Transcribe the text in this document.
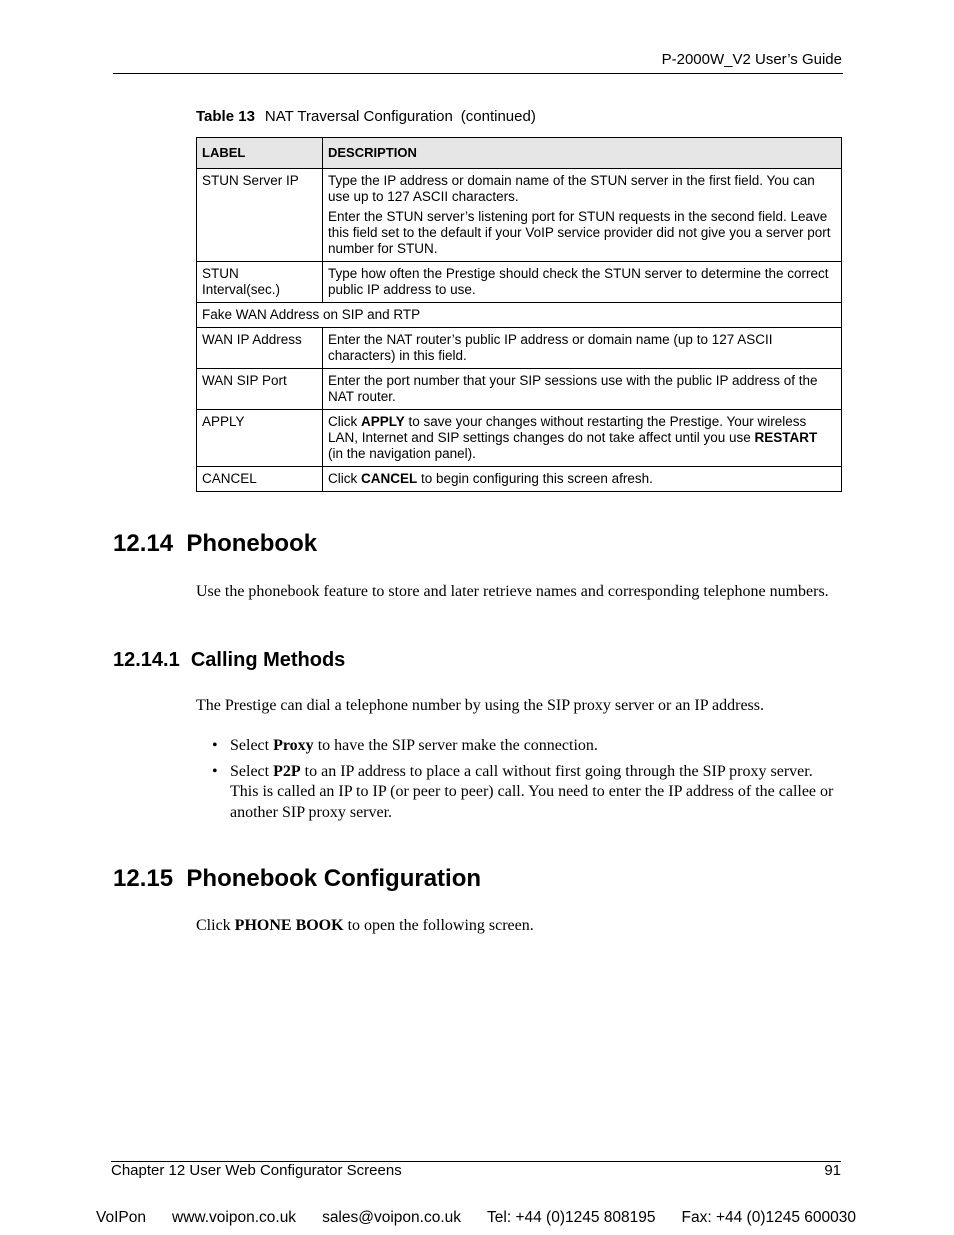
P-2000W_V2 User’s Guide
Table 13 NAT Traversal Configuration (continued)
LABEL	DESCRIPTION
STUN Server IP	Type the IP address or domain name of the STUN server in the first field. You can use up to 127 ASCII characters.

Enter the STUN server’s listening port for STUN requests in the second field. Leave this field set to the default if your VoIP service provider did not give you a server port number for STUN.

STUN Interval(sec.)	Type how often the Prestige should check the STUN server to determine the correct public IP address to use.
Fake WAN Address on SIP and RTP	
WAN IP Address	Enter the NAT router’s public IP address or domain name (up to 127 ASCII characters) in this field.
WAN SIP Port	Enter the port number that your SIP sessions use with the public IP address of the NAT router.
APPLY	Click APPLY to save your changes without restarting the Prestige. Your wireless LAN, Internet and SIP settings changes do not take affect until you use RESTART (in the navigation panel).
CANCEL	Click CANCEL to begin configuring this screen afresh.
12.14 Phonebook

Use the phonebook feature to store and later retrieve names and corresponding telephone numbers.

12.14.1 Calling Methods

The Prestige can dial a telephone number by using the SIP proxy server or an IP address.

• Select Proxy to have the SIP server make the connection.
• Select P2P to an IP address to place a call without first going through the SIP proxy server. This is called an IP to IP (or peer to peer) call. You need to enter the IP address of the callee or another SIP proxy server.
12.15 Phonebook Configuration

Click PHONE BOOK to open the following screen.

Chapter 12 User Web Configurator Screens	91
VoIPon www.voipon.co.uk sales@voipon.co.uk Tel: +44 (0)1245 808195 Fax: +44 (0)1245 600030
